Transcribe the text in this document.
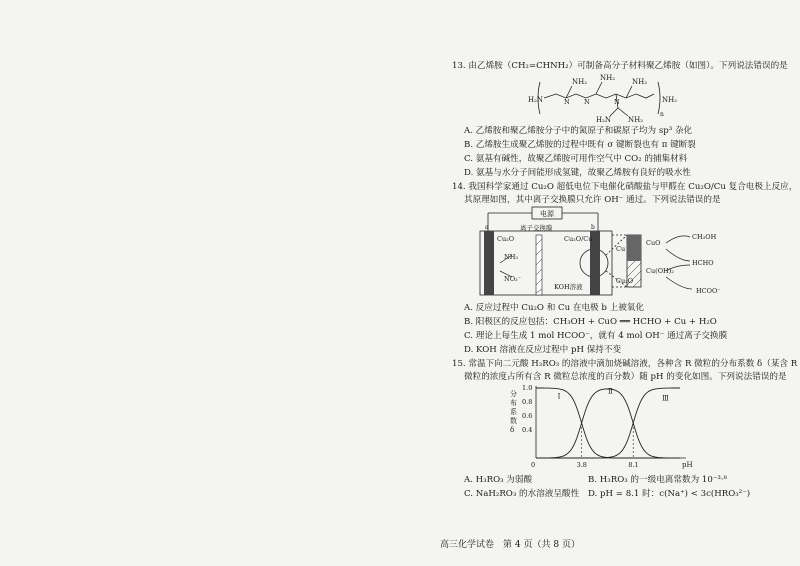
13. 由乙烯胺（CH₂=CHNH₂）可制备高分子材料聚乙烯胺（如图）。下列说法错误的是
H₂N
NH₂ NH₂ NH₂
N N	N
H₂N NH₂
NH₂
n
A. 乙烯胺和聚乙烯胺分子中的氮原子和碳原子均为 sp³ 杂化
B. 乙烯胺生成聚乙烯胺的过程中既有 σ 键断裂也有 π 键断裂
C. 氨基有碱性，故聚乙烯胺可用作空气中 CO₂ 的捕集材料
D. 氨基与水分子间能形成氢键，故聚乙烯胺有良好的吸水性
14. 我国科学家通过 Cu₂O 超低电位下电催化硝酸盐与甲醛在 Cu₂O/Cu 复合电极上反应，
其原理如图，其中离子交换膜只允许 OH⁻ 通过。下列说法错误的是
电源
a	b
Cu₂O
离子交换膜
Cu₂O/Cu
NH₃
NO₃⁻
KOH溶液
Cu
CuO
CH₃OH
HCHO
Cu₂O
Cu(OH)₂
HCOO⁻
A. 反应过程中 Cu₂O 和 Cu 在电极 b 上被氧化
B. 阳极区的反应包括：CH₃OH + CuO ══ HCHO + Cu + H₂O
C. 理论上每生成 1 mol HCOO⁻，就有 4 mol OH⁻ 通过离子交换膜
D. KOH 溶液在反应过程中 pH 保持不变
15. 常温下向二元酸 H₃RO₃ 的溶液中滴加烧碱溶液，各种含 R 微粒的分布系数 δ（某含 R
微粒的浓度占所有含 R 微粒总浓度的百分数）随 pH 的变化如图。下列说法错误的是
Ⅰ
Ⅱ
Ⅲ
0	3.8	8.1
0.4
0.6
0.8
1.0
pH
分
布
系
数
δ
A. H₃RO₃ 为弱酸	B. H₃RO₃ 的一级电离常数为 10⁻³·⁸
C. NaH₂RO₃ 的水溶液呈酸性 D. pH = 8.1 时：c(Na⁺) < 3c(HRO₃²⁻)
高三化学试卷　第 4 页（共 8 页）
